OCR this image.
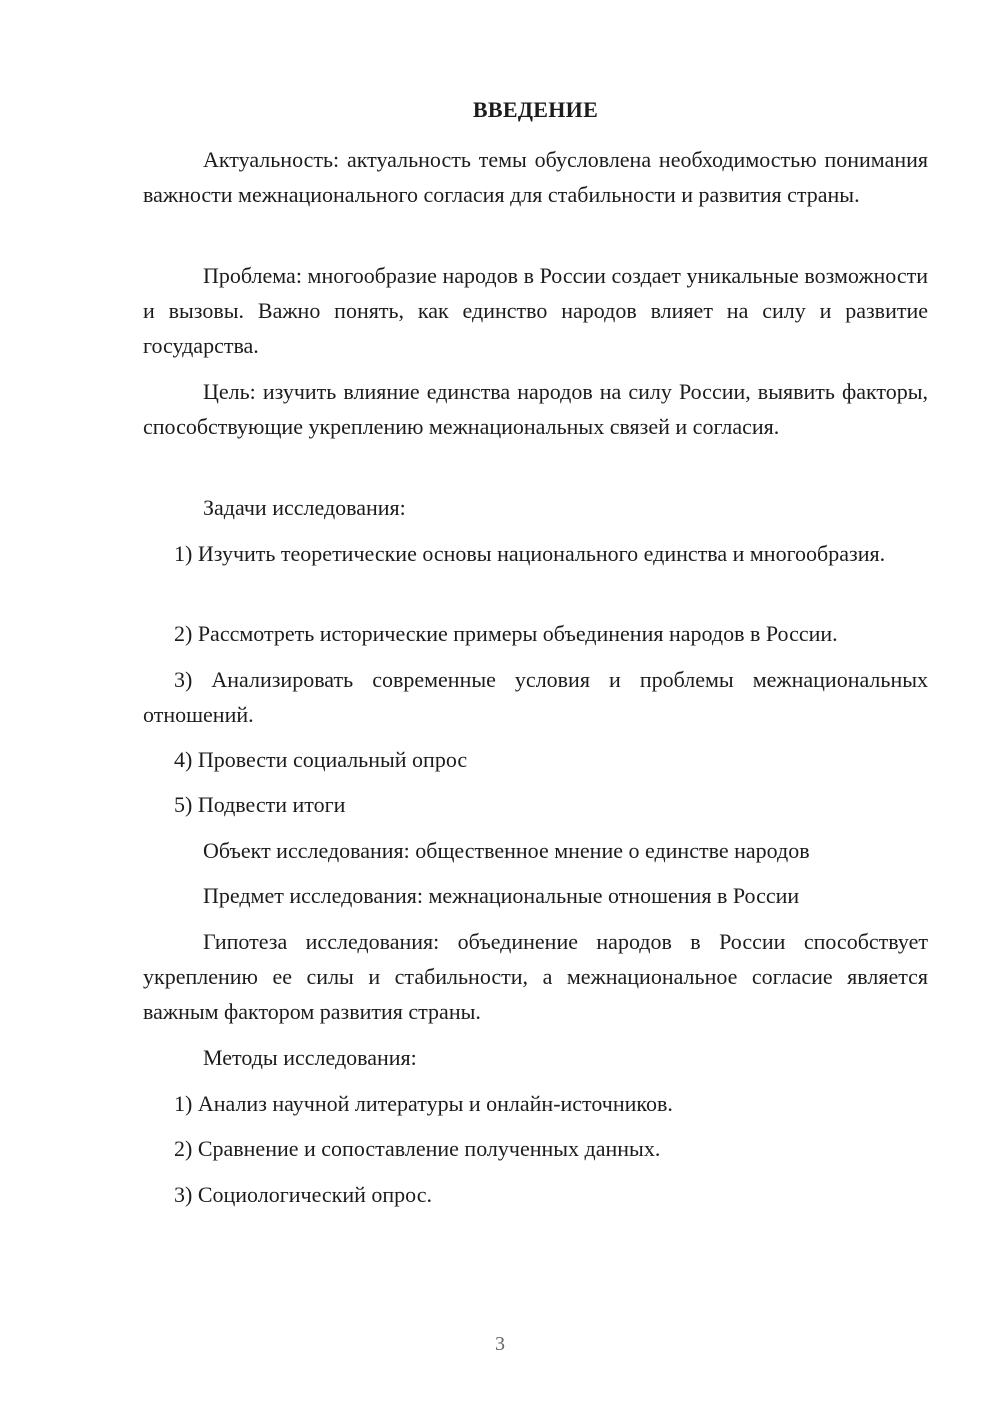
ВВЕДЕНИЕ

Актуальность: актуальность темы обусловлена необходимостью понимания важности межнационального согласия для стабильности и развития страны.

Проблема: многообразие народов в России создает уникальные возможности и вызовы. Важно понять, как единство народов влияет на силу и развитие государства.

Цель: изучить влияние единства народов на силу России, выявить факторы, способствующие укреплению межнациональных связей и согласия.

Задачи исследования:

1) Изучить теоретические основы национального единства и многообразия.

2) Рассмотреть исторические примеры объединения народов в России.

3) Анализировать современные условия и проблемы межнациональных отношений.

4) Провести социальный опрос

5) Подвести итоги

Объект исследования: общественное мнение о единстве народов

Предмет исследования: межнациональные отношения в России

Гипотеза исследования: объединение народов в России способствует укреплению ее силы и стабильности, а межнациональное согласие является важным фактором развития страны.

Методы исследования:

1) Анализ научной литературы и онлайн-источников.

2) Сравнение и сопоставление полученных данных.

3) Социологический опрос.

3
